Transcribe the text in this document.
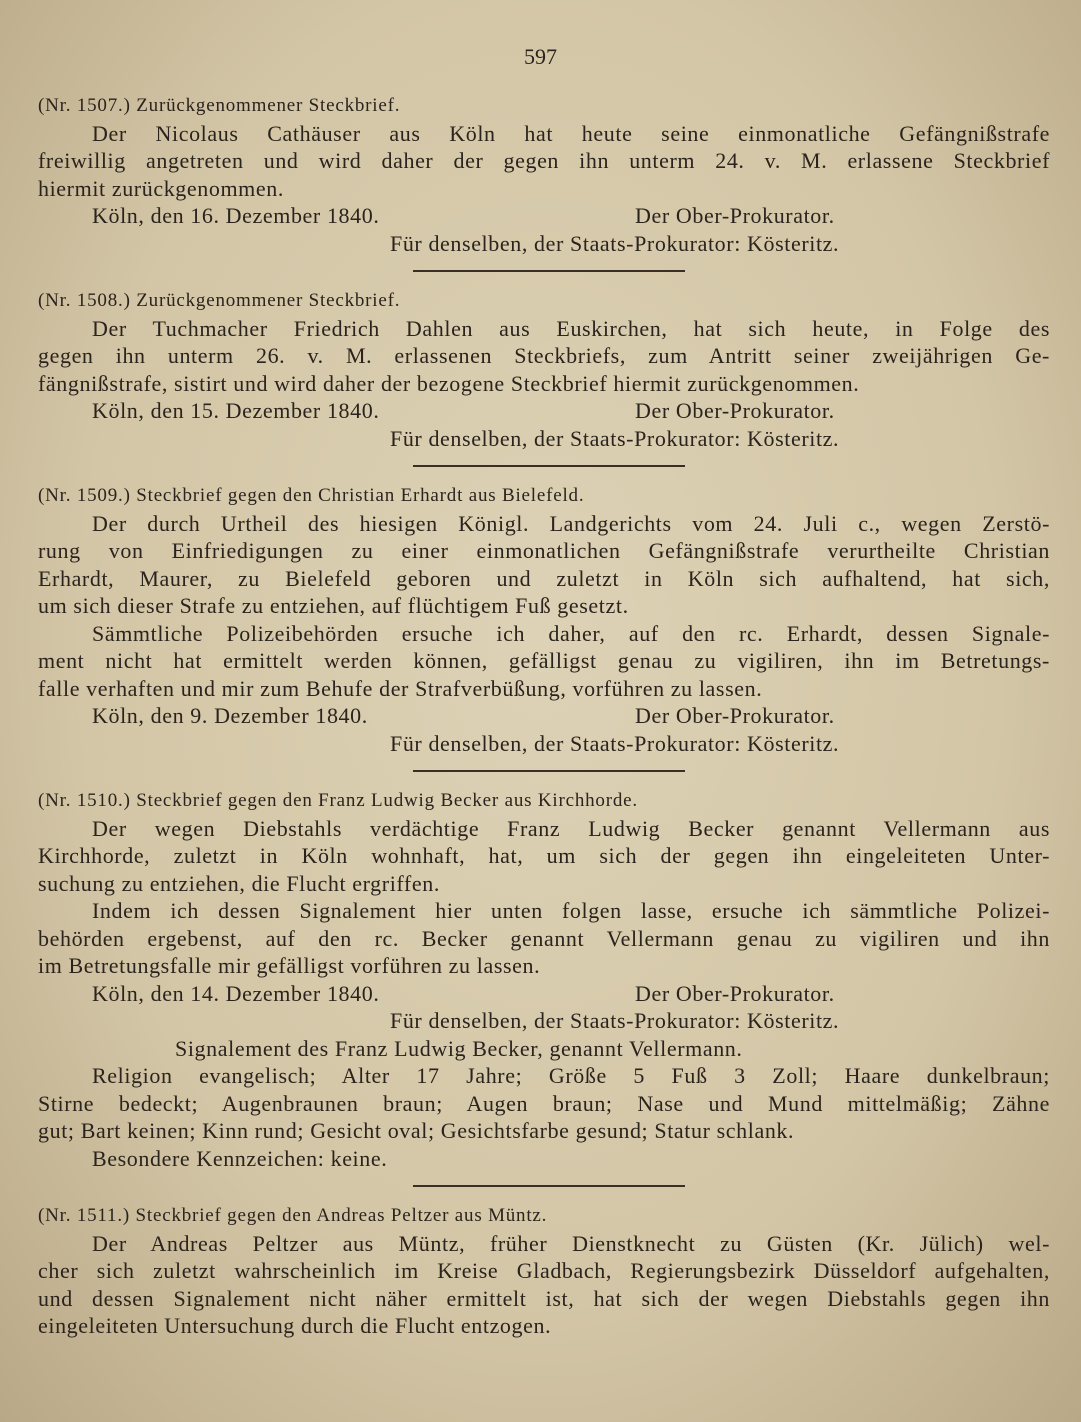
597
(Nr. 1507.) Zurückgenommener Steckbrief.
Der Nicolaus Cathäuser aus Köln hat heute seine einmonatliche Gefängnißstrafe
freiwillig angetreten und wird daher der gegen ihn unterm 24. v. M. erlassene Steckbrief
hiermit zurückgenommen.
Köln, den 16. Dezember 1840.	Der Ober-Prokurator.
Für denselben, der Staats-Prokurator: Kösteritz.
(Nr. 1508.) Zurückgenommener Steckbrief.
Der Tuchmacher Friedrich Dahlen aus Euskirchen, hat sich heute, in Folge des
gegen ihn unterm 26. v. M. erlassenen Steckbriefs, zum Antritt seiner zweijährigen Ge-
fängnißstrafe, sistirt und wird daher der bezogene Steckbrief hiermit zurückgenommen.
Köln, den 15. Dezember 1840.	Der Ober-Prokurator.
Für denselben, der Staats-Prokurator: Kösteritz.
(Nr. 1509.) Steckbrief gegen den Christian Erhardt aus Bielefeld.
Der durch Urtheil des hiesigen Königl. Landgerichts vom 24. Juli c., wegen Zerstö-
rung von Einfriedigungen zu einer einmonatlichen Gefängnißstrafe verurtheilte Christian
Erhardt, Maurer, zu Bielefeld geboren und zuletzt in Köln sich aufhaltend, hat sich,
um sich dieser Strafe zu entziehen, auf flüchtigem Fuß gesetzt.
Sämmtliche Polizeibehörden ersuche ich daher, auf den rc. Erhardt, dessen Signale-
ment nicht hat ermittelt werden können, gefälligst genau zu vigiliren, ihn im Betretungs-
falle verhaften und mir zum Behufe der Strafverbüßung, vorführen zu lassen.
Köln, den 9. Dezember 1840.	Der Ober-Prokurator.
Für denselben, der Staats-Prokurator: Kösteritz.
(Nr. 1510.) Steckbrief gegen den Franz Ludwig Becker aus Kirchhorde.
Der wegen Diebstahls verdächtige Franz Ludwig Becker genannt Vellermann aus
Kirchhorde, zuletzt in Köln wohnhaft, hat, um sich der gegen ihn eingeleiteten Unter-
suchung zu entziehen, die Flucht ergriffen.
Indem ich dessen Signalement hier unten folgen lasse, ersuche ich sämmtliche Polizei-
behörden ergebenst, auf den rc. Becker genannt Vellermann genau zu vigiliren und ihn
im Betretungsfalle mir gefälligst vorführen zu lassen.
Köln, den 14. Dezember 1840.	Der Ober-Prokurator.
Für denselben, der Staats-Prokurator: Kösteritz.
Signalement des Franz Ludwig Becker, genannt Vellermann.
Religion evangelisch; Alter 17 Jahre; Größe 5 Fuß 3 Zoll; Haare dunkelbraun;
Stirne bedeckt; Augenbraunen braun; Augen braun; Nase und Mund mittelmäßig; Zähne
gut; Bart keinen; Kinn rund; Gesicht oval; Gesichtsfarbe gesund; Statur schlank.
Besondere Kennzeichen: keine.
(Nr. 1511.) Steckbrief gegen den Andreas Peltzer aus Müntz.
Der Andreas Peltzer aus Müntz, früher Dienstknecht zu Güsten (Kr. Jülich) wel-
cher sich zuletzt wahrscheinlich im Kreise Gladbach, Regierungsbezirk Düsseldorf aufgehalten,
und dessen Signalement nicht näher ermittelt ist, hat sich der wegen Diebstahls gegen ihn
eingeleiteten Untersuchung durch die Flucht entzogen.
